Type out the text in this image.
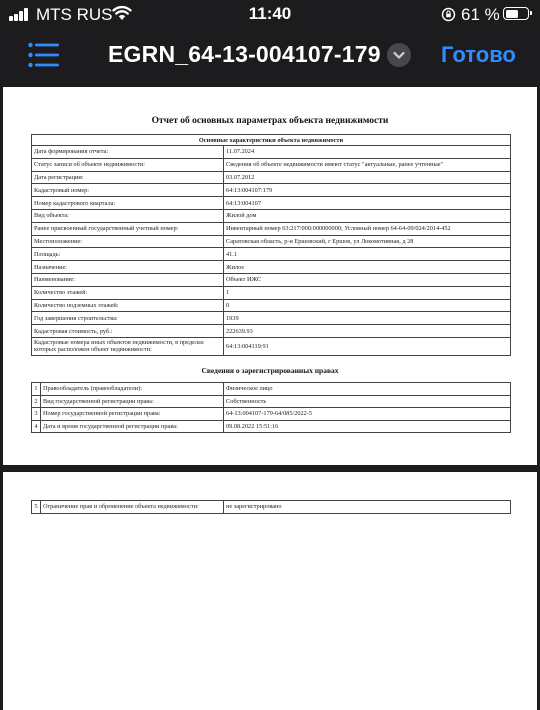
MTS RUS	11:40	61 %
EGRN_64-13-004107-179	Готово
Отчет об основных параметрах объекта недвижимости
Основные характеристики объекта недвижимости	
Дата формирования отчета:	11.07.2024
Статус записи об объекте недвижимости:	Сведения об объекте недвижимости имеют статус "актуальные, ранее учтенные"
Дата регистрации:	03.07.2012
Кадастровый номер:	64:13:004107:179
Номер кадастрового квартала:	64:13:004107
Вид объекта:	Жилой дом
Ранее присвоенный государственный учетный номер:	Инвентарный номер 63:217:000:000000000; Условный номер 64-64-09/024/2014-452
Местоположение:	Саратовская область, р-н Ершовский, г Ершов, ул Локомотивная, д 28
Площадь:	41.1
Назначение:	Жилое
Наименование:	Объект ИЖС
Количество этажей:	1
Количество подземных этажей:	0
Год завершения строительства:	1939
Кадастровая стоимость, руб.:	222639.93
Кадастровые номера иных объектов недвижимости, в пределах которых расположен объект недвижимости:	64:13:004119:91
Сведения о зарегистрированных правах
1	Правообладатель (правообладатели):	Физическое лицо
2	Вид государственной регистрации права:	Собственность
3	Номер государственной регистрации права:	64-13:004107-179-64/085/2022-5
4	Дата и время государственной регистрации права:	09.08.2022 15:51:16
5	Ограничение прав и обременение объекта недвижимости:	не зарегистрировано
